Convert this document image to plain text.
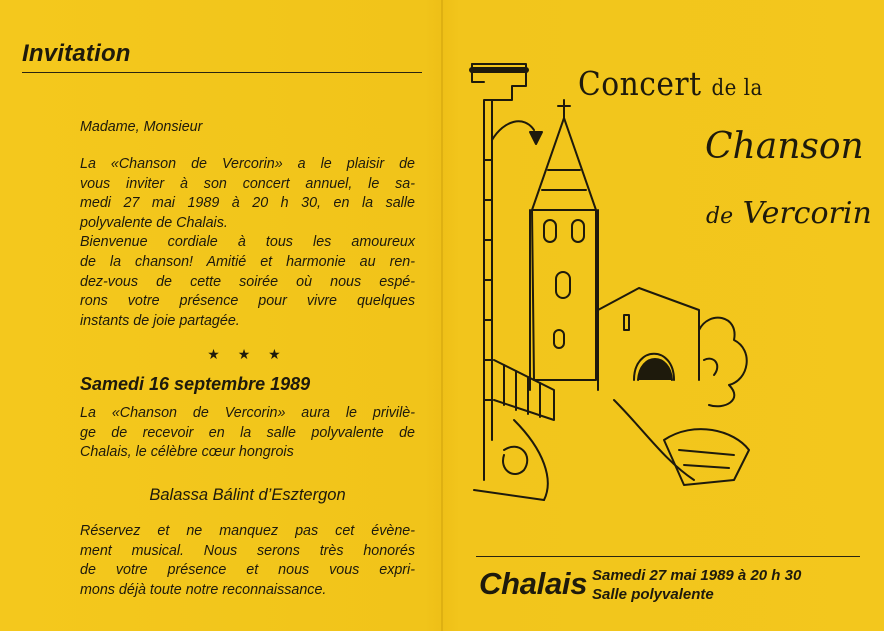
Invitation
Madame, Monsieur
La «Chanson de Vercorin» a le plaisir de
vous inviter à son concert annuel, le sa-
medi 27 mai 1989 à 20 h 30, en la salle
polyvalente de Chalais.
Bienvenue cordiale à tous les amoureux
de la chanson! Amitié et harmonie au ren-
dez-vous de cette soirée où nous espé-
rons votre présence pour vivre quelques
instants de joie partagée.
★ ★ ★
Samedi 16 septembre 1989
La «Chanson de Vercorin» aura le privilè-
ge de recevoir en la salle polyvalente de
Chalais, le célèbre cœur hongrois
Balassa Bálint d’Esztergon
Réservez et ne manquez pas cet évène-
ment musical. Nous serons très honorés
de votre présence et nous vous expri-
mons déjà toute notre reconnaissance.
Concert de la
Chanson
de Vercorin
Chalais Samedi 27 mai 1989 à 20 h 30
Salle polyvalente
